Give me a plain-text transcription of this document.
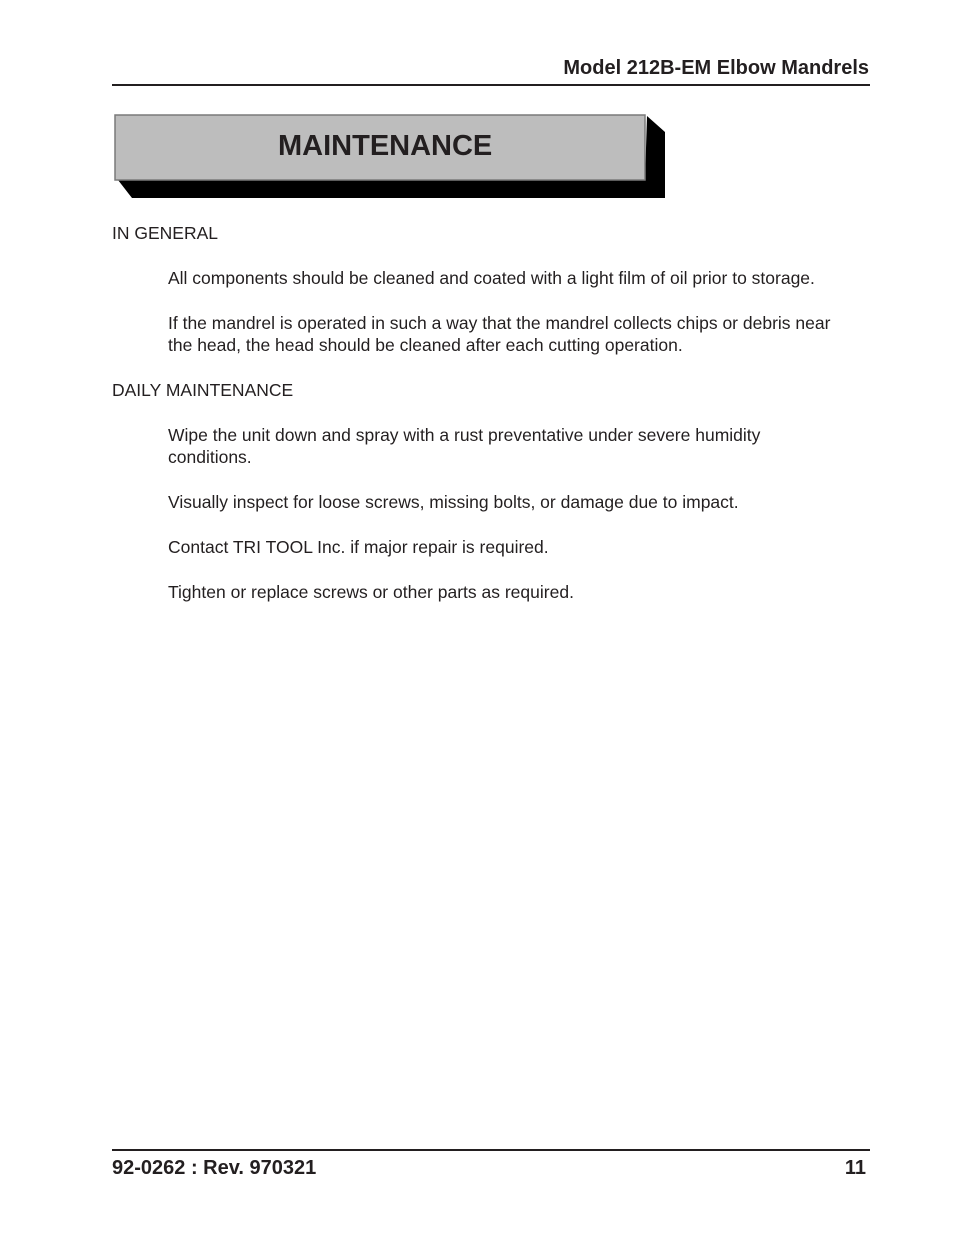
Model 212B-EM Elbow Mandrels
MAINTENANCE
IN GENERAL
All components should be cleaned and coated with a light film of oil prior to storage.
If the mandrel is operated in such a way that the mandrel collects chips or debris near the head, the head should be cleaned after each cutting operation.
DAILY MAINTENANCE
Wipe the unit down and spray with a rust preventative under severe humidity conditions.
Visually inspect for loose screws, missing bolts, or damage due to impact.
Contact TRI TOOL Inc. if major repair is required.
Tighten or replace screws or other parts as required.
92-0262 : Rev. 970321	11
